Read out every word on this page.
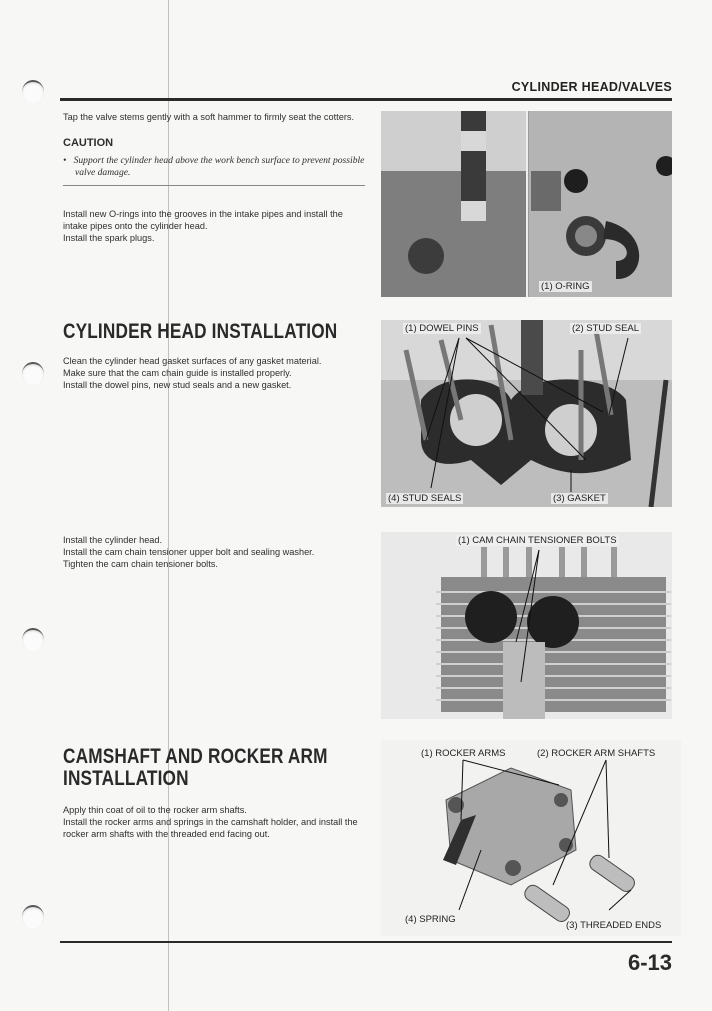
CYLINDER HEAD/VALVES

Tap the valve stems gently with a soft hammer to firmly seat the cotters.

CAUTION
• Support the cylinder head above the work bench surface to prevent possible valve damage.

Install new O-rings into the grooves in the intake pipes and install the intake pipes onto the cylinder head.

Install the spark plugs.

(1) O-RING
CYLINDER HEAD INSTALLATION

Clean the cylinder head gasket surfaces of any gasket material.

Make sure that the cam chain guide is installed properly.

Install the dowel pins, new stud seals and a new gasket.

(1) DOWEL PINS	(2) STUD SEAL
(4) STUD SEALS	(3) GASKET

Install the cylinder head.

Install the cam chain tensioner upper bolt and sealing washer.

Tighten the cam chain tensioner bolts.

(1) CAM CHAIN TENSIONER BOLTS
CAMSHAFT AND ROCKER ARM
INSTALLATION

Apply thin coat of oil to the rocker arm shafts.

Install the rocker arms and springs in the camshaft holder, and install the rocker arm shafts with the threaded end facing out.

(1) ROCKER ARMS	(2) ROCKER ARM SHAFTS
(4) SPRING
(3) THREADED ENDS
6-13
